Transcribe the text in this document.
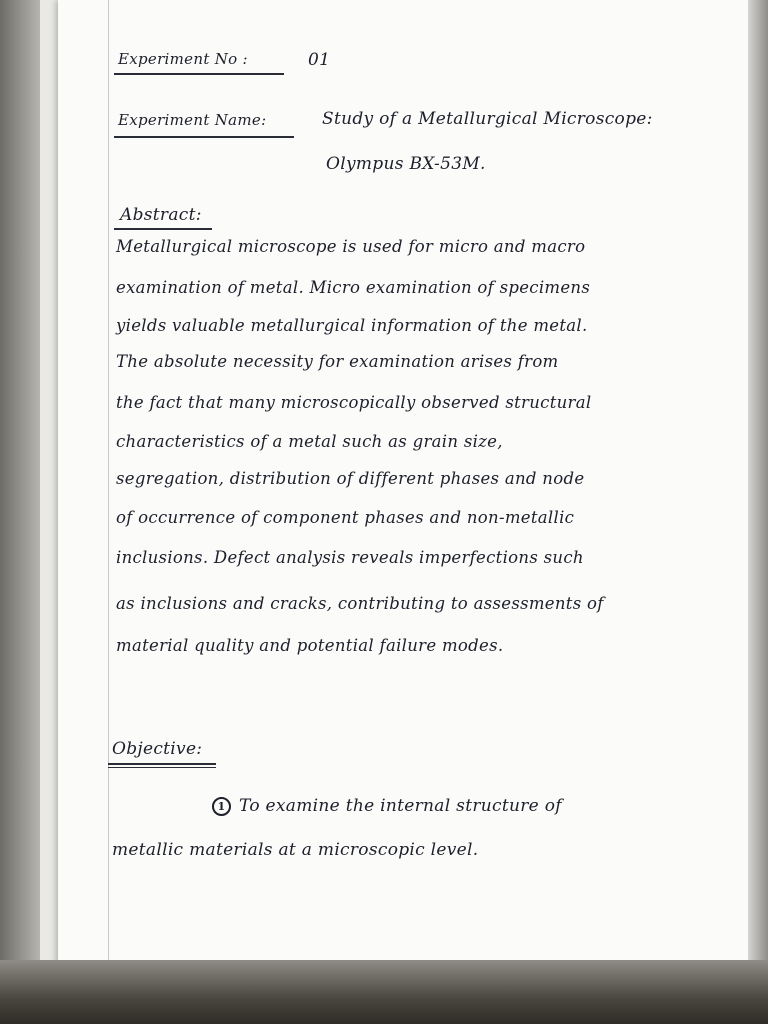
Experiment No :	01
Experiment Name:	Study of a Metallurgical Microscope:
Olympus BX-53M.
Abstract:
Metallurgical microscope is used for micro and macro
examination of metal. Micro examination of specimens
yields valuable metallurgical information of the metal.
The absolute necessity for examination arises from
the fact that many microscopically observed structural
characteristics of a metal such as grain size,
segregation, distribution of different phases and node
of occurrence of component phases and non-metallic
inclusions. Defect analysis reveals imperfections such
as inclusions and cracks, contributing to assessments of
material quality and potential failure modes.
Objective:
1 To examine the internal structure of
metallic materials at a microscopic level.
